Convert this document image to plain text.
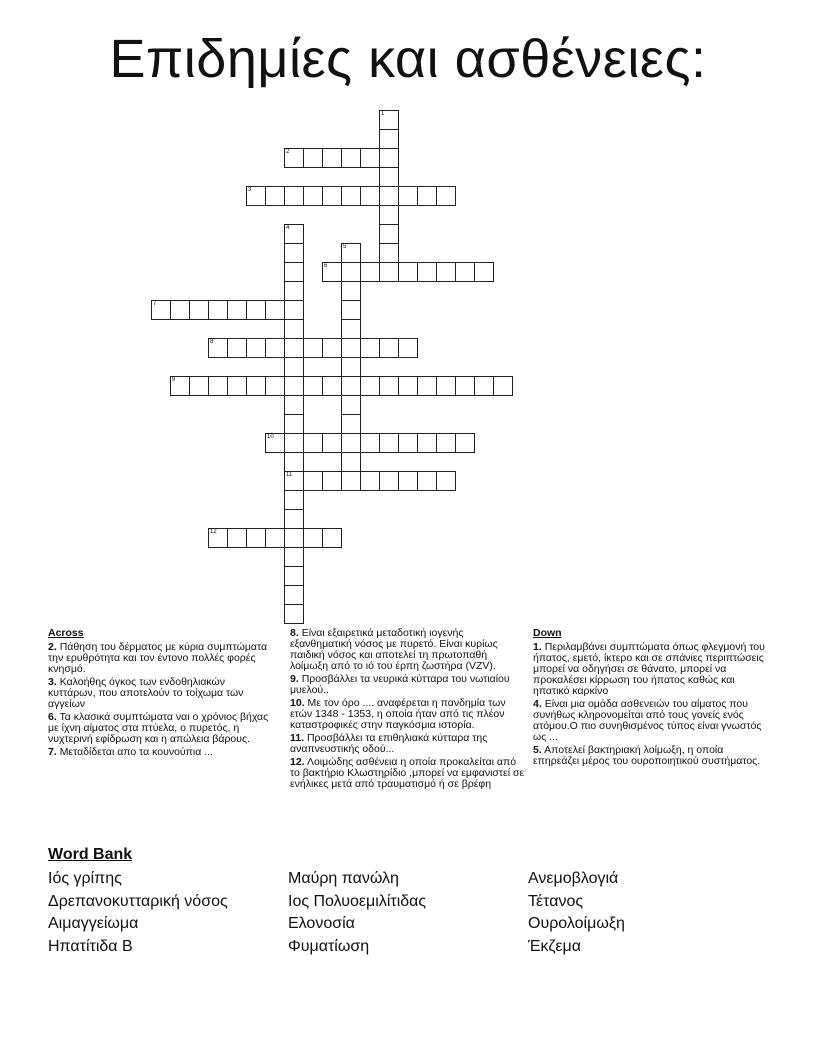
Επιδημίες και ασθένειες:
1
2
3
4
11
5
6
7
8
9
10
12
Across
2. Πάθηση του δέρματος με κύρια συμπτώματα την ερυθρότητα και τον έντονο πολλές φορές κνησμό.
3. Καλοήθης όγκος των ενδοθηλιακών κυττάρων, που αποτελούν το τοίχωμα των αγγείων
6. Τα κλασικά συμπτώματα ναι ο χρόνιος βήχας με ίχνη αίματος στα πτύελα, ο πυρετός, η νυχτερινή εφίδρωση και η απώλεια βάρους.
7. Μεταδίδεται απο τα κουνούπια ...
8. Είναι εξαιρετικά μεταδοτική ιογενής εξανθηματική νόσος με πυρετό. Είναι κυρίως παιδική νόσος και αποτελεί τη πρωτοπαθή λοίμωξη από το ιό του έρπη ζωστήρα (VZV).
9. Προσβάλλει τα νευρικά κύτταρα του νωτιαίου μυελού..
10. Με τον όρο .... αναφέρεται η πανδημία των ετών 1348 - 1353, η οποία ήταν από τις πλέον καταστροφικές στην παγκόσμια ιστορία.
11. Προσβάλλει τα επιθηλιακά κύτταρα της αναπνευστικής οδού...
12. Λοιμώδης ασθένεια η οποία προκαλείται από το βακτήριο Κλωστηρίδιο ,μπορεί να εμφανιστεί σε ενήλικες μετά από τραυματισμό ή σε βρέφη
Down
1. Περιλαμβάνει συμπτώματα όπως φλεγμονή του ήπατος, εμετό, ίκτερο και σε σπάνιες περιπτώσεις μπορεί να οδηγήσει σε θάνατο, μπορεί να προκαλέσει κίρρωση του ήπατος καθώς και ηπατικό καρκίνο
4. Είναι μια ομάδα ασθενειών του αίματος που συνήθως κληρονομείται από τους γονείς ενός ατόμου.Ο πιο συνηθισμένος τύπος είναι γνωστός ως ...
5. Αποτελεί βακτηριακή λοίμωξη, η οποία επηρεάζει μέρος του ουροποιητικού συστήματος.
Word Bank
Ιός γρίπης
Δρεπανοκυτταρική νόσος
Αιμαγγείωμα
Ηπατίτιδα Β
Μαύρη πανώλη
Ιος Πολυοεμιλίτιδας
Ελονοσία
Φυματίωση
Ανεμοβλογιά
Τέτανος
Ουρολοίμωξη
Έκζεμα
